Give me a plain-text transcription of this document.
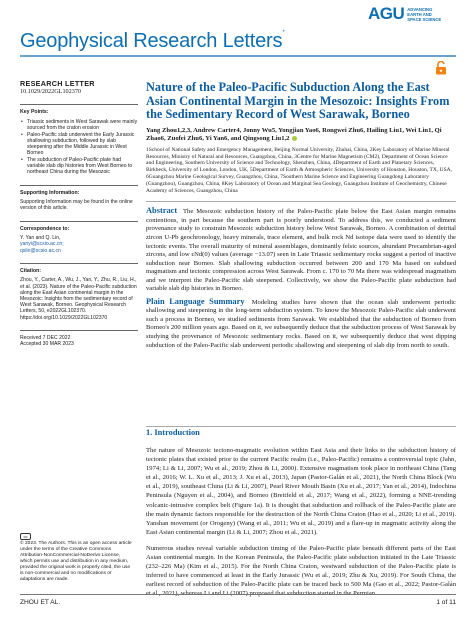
AGU ADVANCING
EARTH AND
SPACE SCIENCE
Geophysical Research Letters*
RESEARCH LETTER
10.1029/2022GL102370
Key Points:
• Triassic sediments in West Sarawak were mainly sourced from the craton erosion
• Paleo-Pacific slab underwent the Early Jurassic shallowing subduction, followed by slab steepening after the Middle Jurassic in West Borneo
• The subduction of Paleo-Pacific plate had variable slab dip histories from West Borneo to northeast China during the Mesozoic
Supporting Information:
Supporting Information may be found in the online version of this article.
Correspondence to:
Y. Yan and Q. Lin,
yanyi@scsio.ac.cn;
qslin@scsio.ac.cn
Citation:
Zhou, Y., Carter, A., Wu, J., Yan, Y., Zhu, R., Liu, H., et al. (2023). Nature of the Paleo-Pacific subduction along the East Asian continental margin in the Mesozoic: Insights from the sedimentary record of West Sarawak, Borneo. Geophysical Research Letters, 50, e2022GL102370. https://doi.org/10.1029/2022GL102370
Received 7 DEC 2022
Accepted 30 MAR 2023
cc
© 2023. The Authors. This is an open access article under the terms of the Creative Commons Attribution-NonCommercial-NoDerivs License, which permits use and distribution in any medium, provided the original work is properly cited, the use is non-commercial and no modifications or adaptations are made.
Nature of the Paleo-Pacific Subduction Along the East Asian Continental Margin in the Mesozoic: Insights From the Sedimentary Record of West Sarawak, Borneo
Yang Zhou1,2,3, Andrew Carter4, Jonny Wu5, Yongjian Yao6, Rongwei Zhu6, Hailing Liu1, Wei Lin1, Qi Zhao6, Zuofei Zhu6, Yi Yan6, and Qingsong Liu1,2
1School of National Safety and Emergency Management, Beijing Normal University, Zhuhai, China, 2Key Laboratory of Marine Mineral Resources, Ministry of Natural and Resources, Guangzhou, China, 3Centre for Marine Magnetism (CM2), Department of Ocean Science and Engineering, Southern University of Science and Technology, Shenzhen, China, 4Department of Earth and Planetary Sciences, Birkbeck, University of London, London, UK, 5Department of Earth & Atmospheric Sciences, University of Houston, Houston, TX, USA, 6Guangzhou Marine Geological Survey, Guangzhou, China, 7Southern Marine Science and Engineering Guangdong Laboratory (Guangzhou), Guangzhou, China, 8Key Laboratory of Ocean and Marginal Sea Geology, Guangzhou Institute of Geochemistry, Chinese Academy of Sciences, Guangzhou, China
Abstract The Mesozoic subduction history of the Paleo-Pacific plate below the East Asian margin remains contentious, in part because the southern part is poorly understood. To address this, we conducted a sediment provenance study to constrain Mesozoic subduction history below West Sarawak, Borneo. A combination of detrital zircon U-Pb geochronology, heavy minerals, trace element, and bulk rock Nd isotope data were used to identify the tectonic events. The overall maturity of mineral assemblages, dominantly felsic sources, abundant Precambrian-aged zircons, and low εNd(0) values (average −13.07) seen in Late Triassic sedimentary rocks suggest a period of inactive subduction near Borneo. Slab shallowing subduction occurred between 200 and 170 Ma based on subdued magmatism and tectonic compression across West Sarawak. From c. 170 to 70 Ma there was widespread magmatism and we interpret the Paleo-Pacific slab steepened. Collectively, we show the Paleo-Pacific plate subduction had variable slab dip histories in Borneo.
Plain Language Summary Modeling studies have shown that the ocean slab underwent periodic shallowing and steepening in the long-term subduction system. To know the Mesozoic Paleo-Pacific slab underwent such a process in Borneo, we studied sediments from Sarawak. We established that the subduction of Borneo from Borneo's 200 million years ago. Based on it, we subsequently deduce that the subduction process of West Sarawak by studying the provenance of Mesozoic sedimentary rocks. Based on it, we subsequently deduce that west dipping subduction of the Paleo-Pacific slab underwent periodic shallowing and steepening of slab dip from north to south.
1. Introduction

The nature of Mesozoic tectono-magmatic evolution within East Asia and their links to the subduction history of tectonic plates that existed prior to the current Pacific realm (i.e., Paleo-Pacific) remains a controversial topic (Jahn, 1974; Li & Li, 2007; Wu et al., 2019; Zhou & Li, 2000). Extensive magmatism took place in northeast China (Tang et al., 2016; W. L. Xu et al., 2013; J. Xu et al., 2013), Japan (Pastor-Galán et al., 2021), the North China Block (Wu et al., 2019), southeast China (Li & Li, 2007), Pearl River Mouth Basin (Xu et al., 2017; Yan et al., 2014), Indochina Peninsula (Nguyen et al., 2004), and Borneo (Breitfeld et al., 2017; Wang et al., 2022), forming a NNE-trending volcanic-intrusive complex belt (Figure 1a). It is thought that subduction and rollback of the Paleo-Pacific plate are the main dynamic factors responsible for the destruction of the North China Craton (Hao et al., 2020; Li et al., 2019). Yanshan movement (or Orogeny) (Wang et al., 2011; Wu et al., 2019) and a flare-up in magmatic activity along the East Asian continental margin (Li & Li, 2007; Zhou et al., 2021).

Numerous studies reveal variable subduction timing of the Paleo-Pacific plate beneath different parts of the East Asian continental margin. In the Korean Peninsula, the Paleo-Pacific plate subduction initiated in the Late Triassic (232–226 Ma) (Kim et al., 2015). For the North China Craton, westward subduction of the Paleo-Pacific plate is inferred to have commenced at least in the Early Jurassic (Wu et al., 2019; Zhu & Xu, 2019). For South China, the earliest record of subduction of the Paleo-Pacific plate can be traced back to 500 Ma (Gao et al., 2022; Pastor-Galán et al., 2021), whereas Li and Li (2007) proposed that subduction started in the Permian.

ZHOU ET AL.	1 of 11
